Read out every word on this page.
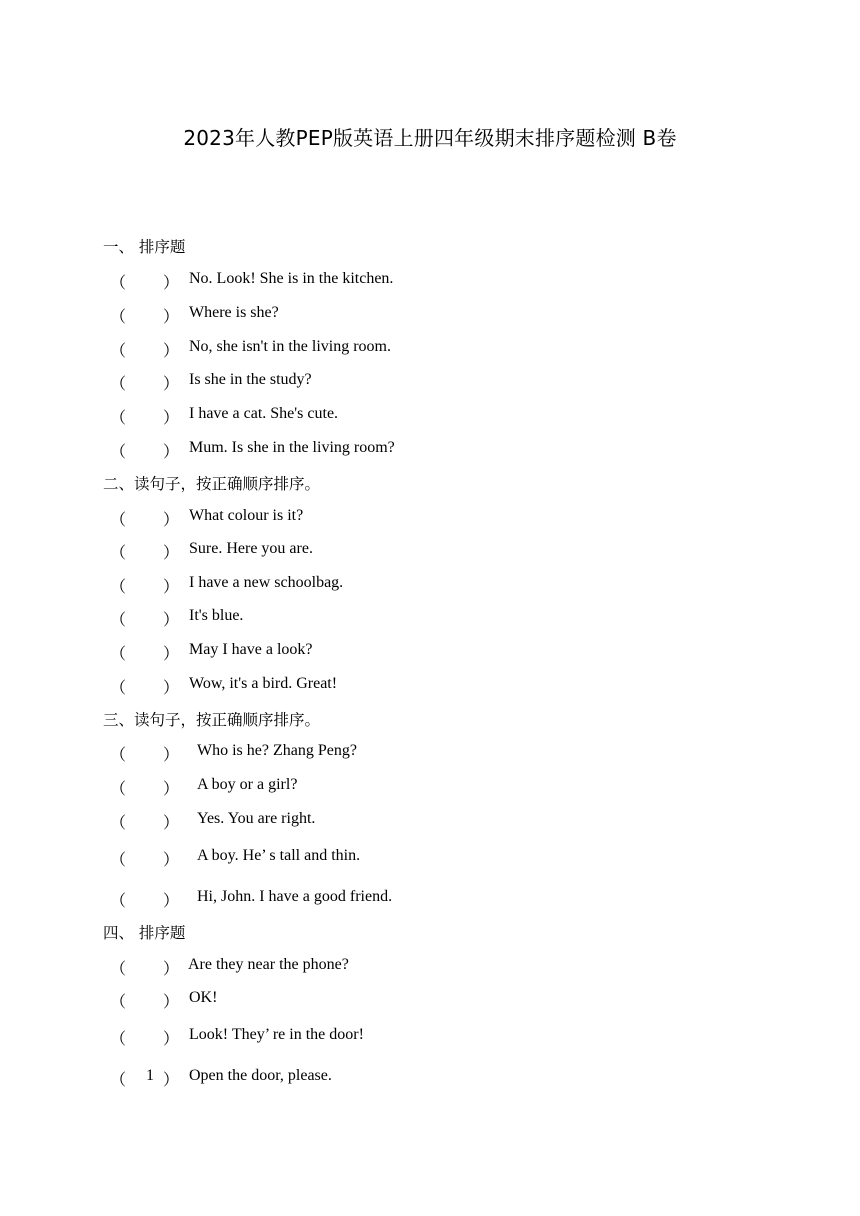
2023年人教PEP版英语上册四年级期末排序题检测 B卷
一、 排序题
（ ） No. Look! She is in the kitchen.
（ ） Where is she?
（ ） No, she isn't in the living room.
（ ） Is she in the study?
（ ） I have a cat. She's cute.
（ ） Mum. Is she in the living room?
二、读句子，按正确顺序排序。
（ ） What colour is it?
（ ） Sure. Here you are.
（ ） I have a new schoolbag.
（ ） It's blue.
（ ） May I have a look?
（ ） Wow, it's a bird. Great!
三、读句子，按正确顺序排序。
（ ） Who is he? Zhang Peng?
（ ） A boy or a girl?
（ ） Yes. You are right.
（ ） A boy. He’ s tall and thin.
（ ） Hi, John. I have a good friend.
四、 排序题
（ ） Are they near the phone?
（ ） OK!
（ ） Look! They’ re in the door!
（ 1 ） Open the door, please.
